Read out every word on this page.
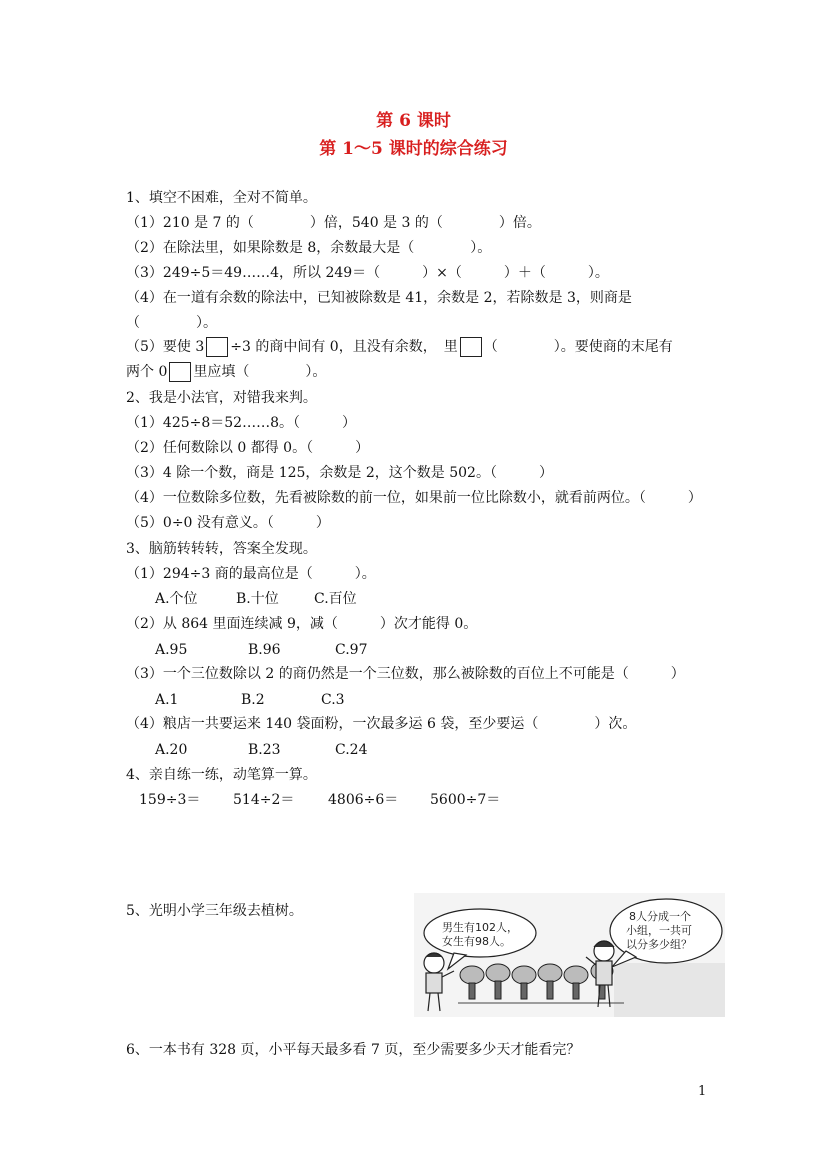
第 6 课时
第 1～5 课时的综合练习
1、填空不困难，全对不简单。
（1）210 是 7 的（　　　　）倍，540 是 3 的（　　　　）倍。
（2）在除法里，如果除数是 8，余数最大是（　　　　）。
（3）249÷5＝49……4，所以 249＝（　　　）×（　　　）＋（　　　）。
（4）在一道有余数的除法中，已知被除数是 41，余数是 2，若除数是 3，则商是
（　　　　）。
（5）要使 3 ÷3 的商中间有 0，且没有余数，　里 （　　　　）。要使商的末尾有
两个 0 里应填（　　　　）。
2、我是小法官，对错我来判。
（1）425÷8＝52……8。（　　　）
（2）任何数除以 0 都得 0。（　　　）
（3）4 除一个数，商是 125，余数是 2，这个数是 502。（　　　）
（4）一位数除多位数，先看被除数的前一位，如果前一位比除数小，就看前两位。（　　　）
（5）0÷0 没有意义。（　　　）
3、脑筋转转转，答案全发现。
（1）294÷3 商的最高位是（　　　）。
A.个位	B.十位	C.百位
（2）从 864 里面连续减 9，减（　　　）次才能得 0。
A.95	B.96	C.97
（3）一个三位数除以 2 的商仍然是一个三位数，那么被除数的百位上不可能是（　　　）
A.1	B.2	C.3
（4）粮店一共要运来 140 袋面粉，一次最多运 6 袋，至少要运（　　　　）次。
A.20	B.23	C.24
4、亲自练一练，动笔算一算。
159÷3＝ 514÷2＝ 4806÷6＝ 5600÷7＝
5、光明小学三年级去植树。
男生有102人，
女生有98人。
8人分成一个
小组，一共可
以分多少组？
6、一本书有 328 页，小平每天最多看 7 页，至少需要多少天才能看完？
1
